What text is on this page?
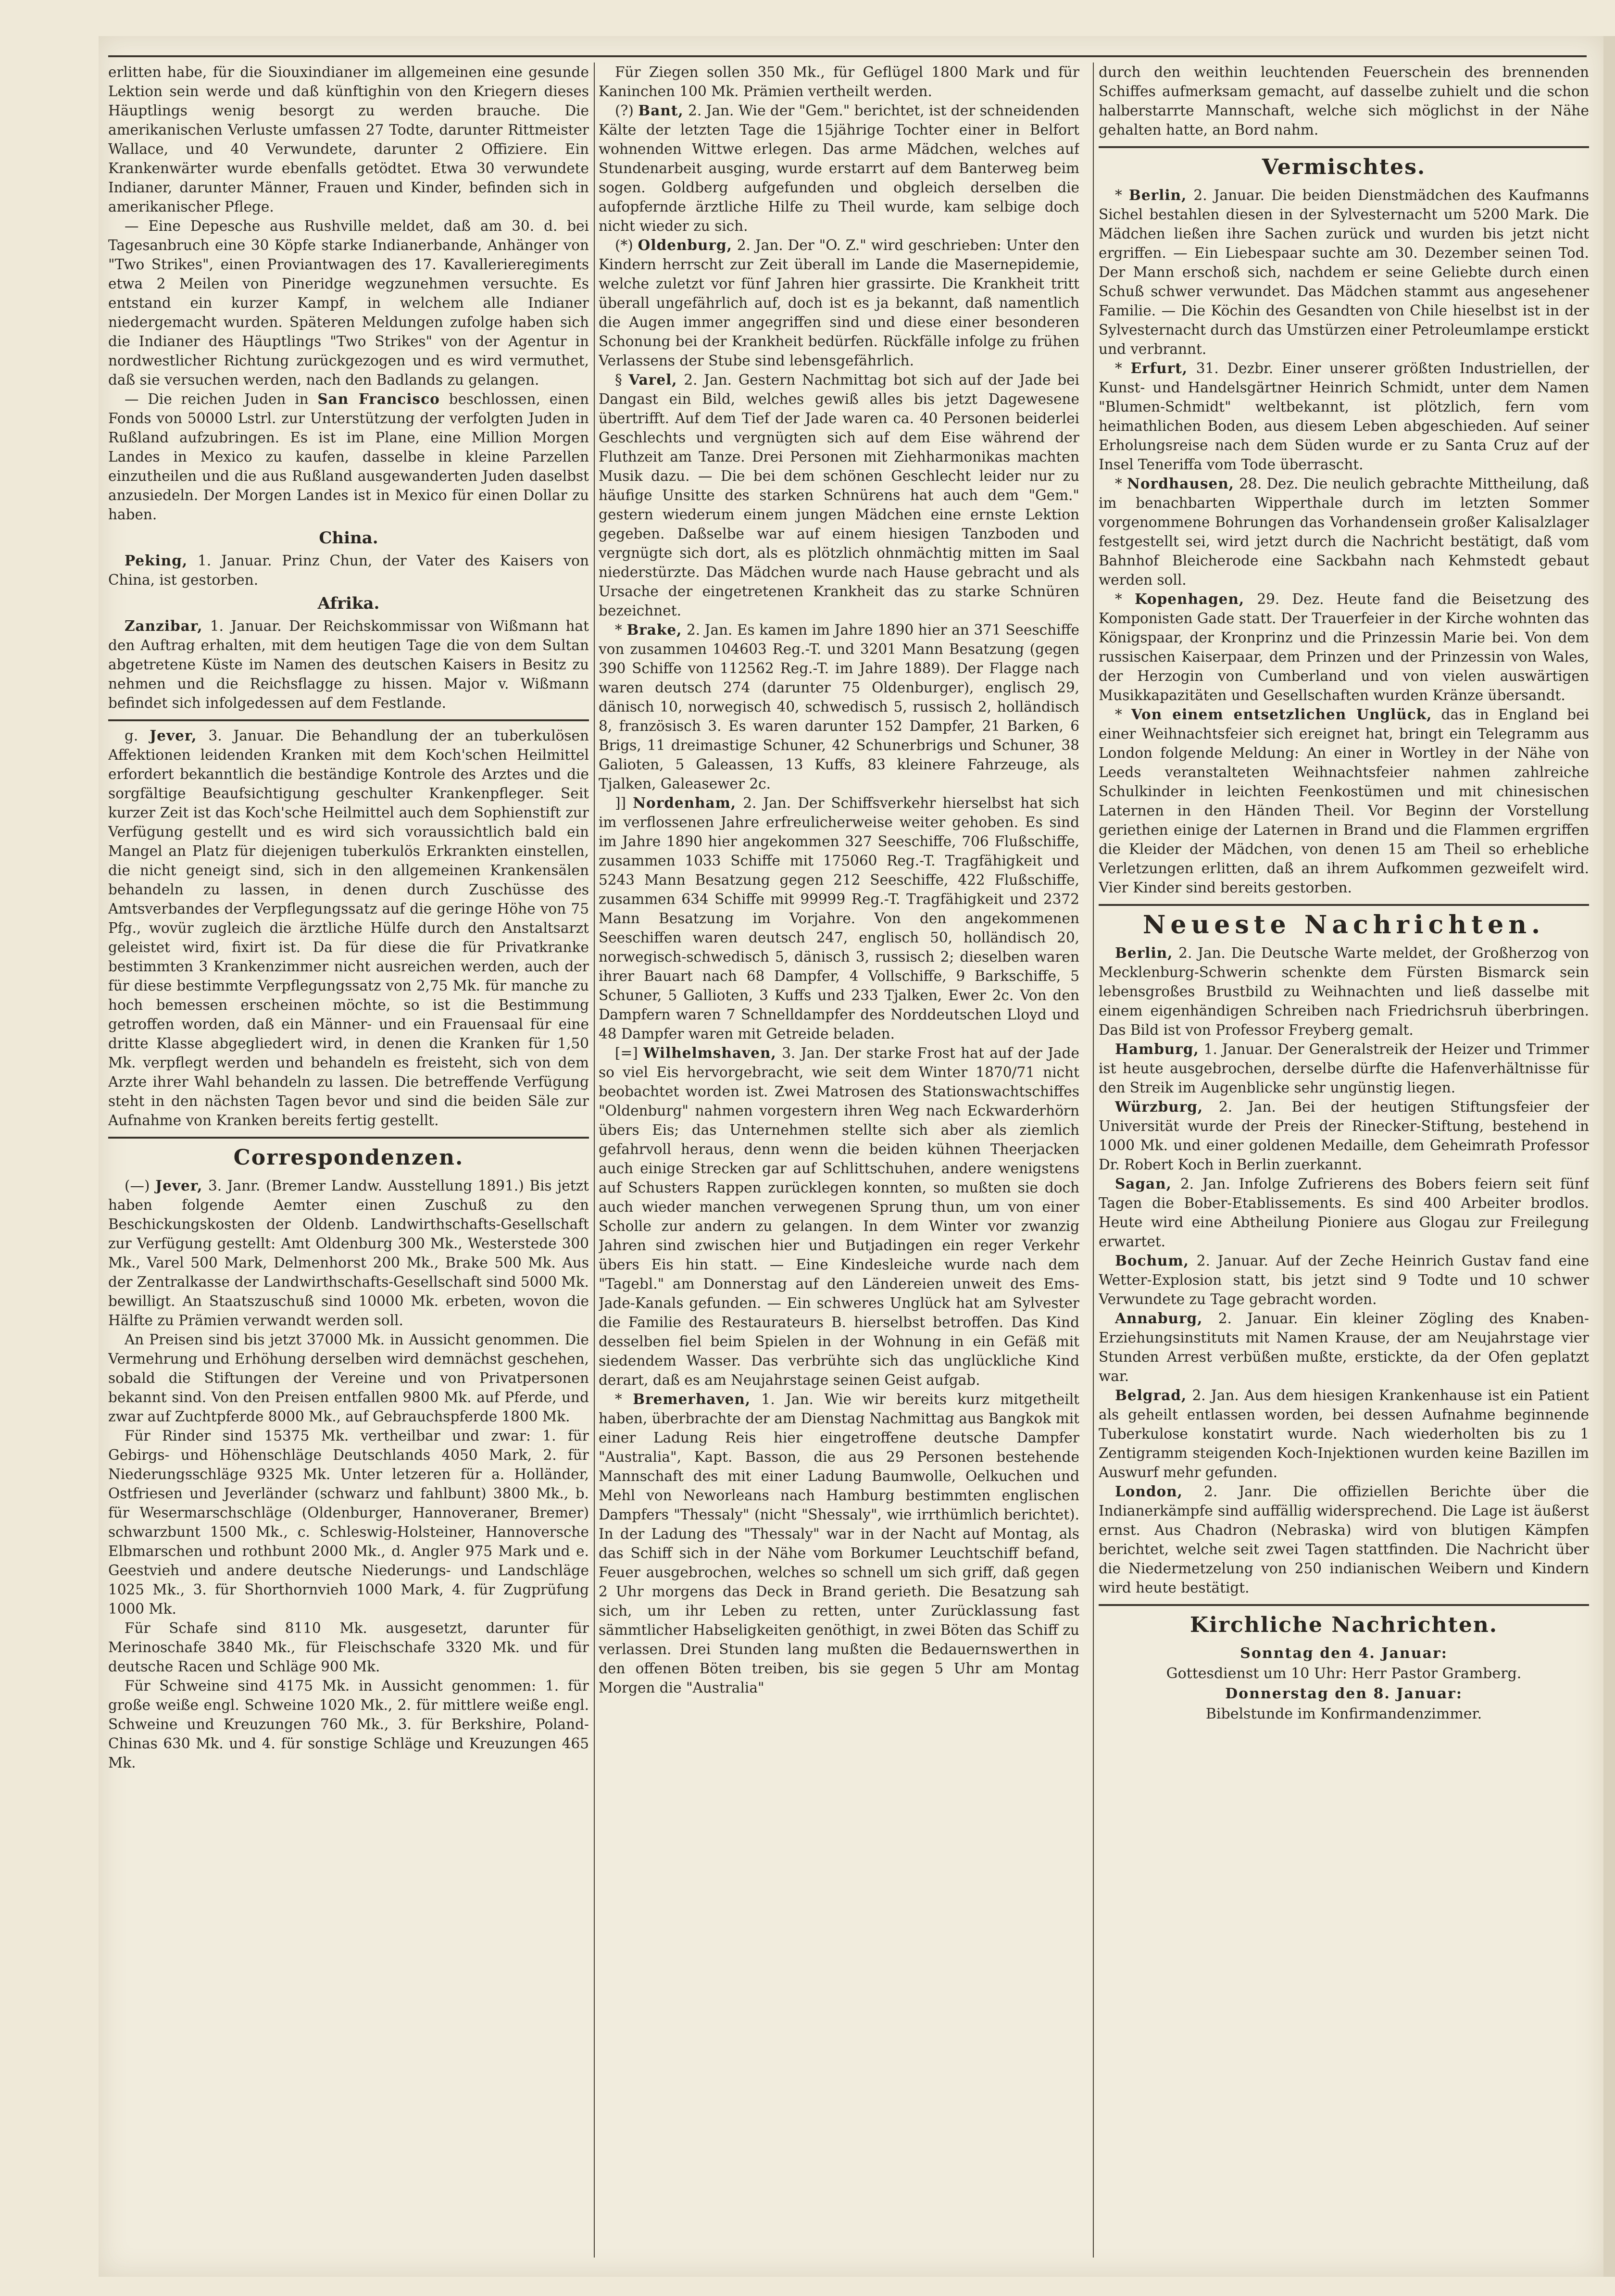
erlitten habe, für die Siouxindianer im allgemeinen eine gesunde Lektion sein werde und daß künftighin von den Kriegern dieses Häuptlings wenig besorgt zu werden brauche. Die amerikanischen Verluste umfassen 27 Todte, darunter Rittmeister Wallace, und 40 Verwundete, darunter 2 Offiziere. Ein Krankenwärter wurde ebenfalls getödtet. Etwa 30 verwundete Indianer, darunter Männer, Frauen und Kinder, befinden sich in amerikanischer Pflege.

— Eine Depesche aus Rushville meldet, daß am 30. d. bei Tagesanbruch eine 30 Köpfe starke Indianerbande, Anhänger von "Two Strikes", einen Proviantwagen des 17. Kavallerieregiments etwa 2 Meilen von Pineridge wegzunehmen versuchte. Es entstand ein kurzer Kampf, in welchem alle Indianer niedergemacht wurden. Späteren Meldungen zufolge haben sich die Indianer des Häuptlings "Two Strikes" von der Agentur in nordwestlicher Richtung zurückgezogen und es wird vermuthet, daß sie versuchen werden, nach den Badlands zu gelangen.

— Die reichen Juden in San Francisco beschlossen, einen Fonds von 50000 Lstrl. zur Unterstützung der verfolgten Juden in Rußland aufzubringen. Es ist im Plane, eine Million Morgen Landes in Mexico zu kaufen, dasselbe in kleine Parzellen einzutheilen und die aus Rußland ausgewanderten Juden daselbst anzusiedeln. Der Morgen Landes ist in Mexico für einen Dollar zu haben.

China.

Peking, 1. Januar. Prinz Chun, der Vater des Kaisers von China, ist gestorben.

Afrika.

Zanzibar, 1. Januar. Der Reichskommissar von Wißmann hat den Auftrag erhalten, mit dem heutigen Tage die von dem Sultan abgetretene Küste im Namen des deutschen Kaisers in Besitz zu nehmen und die Reichsflagge zu hissen. Major v. Wißmann befindet sich infolgedessen auf dem Festlande.

g. Jever, 3. Januar. Die Behandlung der an tuberkulösen Affektionen leidenden Kranken mit dem Koch'schen Heilmittel erfordert bekanntlich die beständige Kontrole des Arztes und die sorgfältige Beaufsichtigung geschulter Krankenpfleger. Seit kurzer Zeit ist das Koch'sche Heilmittel auch dem Sophienstift zur Verfügung gestellt und es wird sich voraussichtlich bald ein Mangel an Platz für diejenigen tuberkulös Erkrankten einstellen, die nicht geneigt sind, sich in den allgemeinen Krankensälen behandeln zu lassen, in denen durch Zuschüsse des Amtsverbandes der Verpflegungssatz auf die geringe Höhe von 75 Pfg., wovür zugleich die ärztliche Hülfe durch den Anstaltsarzt geleistet wird, fixirt ist. Da für diese die für Privatkranke bestimmten 3 Krankenzimmer nicht ausreichen werden, auch der für diese bestimmte Verpflegungssatz von 2,75 Mk. für manche zu hoch bemessen erscheinen möchte, so ist die Bestimmung getroffen worden, daß ein Männer- und ein Frauensaal für eine dritte Klasse abgegliedert wird, in denen die Kranken für 1,50 Mk. verpflegt werden und behandeln es freisteht, sich von dem Arzte ihrer Wahl behandeln zu lassen. Die betreffende Verfügung steht in den nächsten Tagen bevor und sind die beiden Säle zur Aufnahme von Kranken bereits fertig gestellt.

Correspondenzen.

(—) Jever, 3. Janr. (Bremer Landw. Ausstellung 1891.) Bis jetzt haben folgende Aemter einen Zuschuß zu den Beschickungskosten der Oldenb. Landwirthschafts-Gesellschaft zur Verfügung gestellt: Amt Oldenburg 300 Mk., Westerstede 300 Mk., Varel 500 Mark, Delmenhorst 200 Mk., Brake 500 Mk. Aus der Zentralkasse der Landwirthschafts-Gesellschaft sind 5000 Mk. bewilligt. An Staatszuschuß sind 10000 Mk. erbeten, wovon die Hälfte zu Prämien verwandt werden soll.

An Preisen sind bis jetzt 37000 Mk. in Aussicht genommen. Die Vermehrung und Erhöhung derselben wird demnächst geschehen, sobald die Stiftungen der Vereine und von Privatpersonen bekannt sind. Von den Preisen entfallen 9800 Mk. auf Pferde, und zwar auf Zuchtpferde 8000 Mk., auf Gebrauchspferde 1800 Mk.

Für Rinder sind 15375 Mk. vertheilbar und zwar: 1. für Gebirgs- und Höhenschläge Deutschlands 4050 Mark, 2. für Niederungsschläge 9325 Mk. Unter letzeren für a. Holländer, Ostfriesen und Jeverländer (schwarz und fahlbunt) 3800 Mk., b. für Wesermarschschläge (Oldenburger, Hannoveraner, Bremer) schwarzbunt 1500 Mk., c. Schleswig-Holsteiner, Hannoversche Elbmarschen und rothbunt 2000 Mk., d. Angler 975 Mark und e. Geestvieh und andere deutsche Niederungs- und Landschläge 1025 Mk., 3. für Shorthornvieh 1000 Mark, 4. für Zugprüfung 1000 Mk.

Für Schafe sind 8110 Mk. ausgesetzt, darunter für Merinoschafe 3840 Mk., für Fleischschafe 3320 Mk. und für deutsche Racen und Schläge 900 Mk.

Für Schweine sind 4175 Mk. in Aussicht genommen: 1. für große weiße engl. Schweine 1020 Mk., 2. für mittlere weiße engl. Schweine und Kreuzungen 760 Mk., 3. für Berkshire, Poland-Chinas 630 Mk. und 4. für sonstige Schläge und Kreuzungen 465 Mk.

Für Ziegen sollen 350 Mk., für Geflügel 1800 Mark und für Kaninchen 100 Mk. Prämien vertheilt werden.

(?) Bant, 2. Jan. Wie der "Gem." berichtet, ist der schneidenden Kälte der letzten Tage die 15jährige Tochter einer in Belfort wohnenden Wittwe erlegen. Das arme Mädchen, welches auf Stundenarbeit ausging, wurde erstarrt auf dem Banterweg beim sogen. Goldberg aufgefunden und obgleich derselben die aufopfernde ärztliche Hilfe zu Theil wurde, kam selbige doch nicht wieder zu sich.

(*) Oldenburg, 2. Jan. Der "O. Z." wird geschrieben: Unter den Kindern herrscht zur Zeit überall im Lande die Masernepidemie, welche zuletzt vor fünf Jahren hier grassirte. Die Krankheit tritt überall ungefährlich auf, doch ist es ja bekannt, daß namentlich die Augen immer angegriffen sind und diese einer besonderen Schonung bei der Krankheit bedürfen. Rückfälle infolge zu frühen Verlassens der Stube sind lebensgefährlich.

§ Varel, 2. Jan. Gestern Nachmittag bot sich auf der Jade bei Dangast ein Bild, welches gewiß alles bis jetzt Dagewesene übertrifft. Auf dem Tief der Jade waren ca. 40 Personen beiderlei Geschlechts und vergnügten sich auf dem Eise während der Fluthzeit am Tanze. Drei Personen mit Ziehharmonikas machten Musik dazu. — Die bei dem schönen Geschlecht leider nur zu häufige Unsitte des starken Schnürens hat auch dem "Gem." gestern wiederum einem jungen Mädchen eine ernste Lektion gegeben. Daßselbe war auf einem hiesigen Tanzboden und vergnügte sich dort, als es plötzlich ohnmächtig mitten im Saal niederstürzte. Das Mädchen wurde nach Hause gebracht und als Ursache der eingetretenen Krankheit das zu starke Schnüren bezeichnet.

* Brake, 2. Jan. Es kamen im Jahre 1890 hier an 371 Seeschiffe von zusammen 104603 Reg.-T. und 3201 Mann Besatzung (gegen 390 Schiffe von 112562 Reg.-T. im Jahre 1889). Der Flagge nach waren deutsch 274 (darunter 75 Oldenburger), englisch 29, dänisch 10, norwegisch 40, schwedisch 5, russisch 2, holländisch 8, französisch 3. Es waren darunter 152 Dampfer, 21 Barken, 6 Brigs, 11 dreimastige Schuner, 42 Schunerbrigs und Schuner, 38 Galioten, 5 Galeassen, 13 Kuffs, 83 kleinere Fahrzeuge, als Tjalken, Galeasewer 2c.

]] Nordenham, 2. Jan. Der Schiffsverkehr hierselbst hat sich im verflossenen Jahre erfreulicherweise weiter gehoben. Es sind im Jahre 1890 hier angekommen 327 Seeschiffe, 706 Flußschiffe, zusammen 1033 Schiffe mit 175060 Reg.-T. Tragfähigkeit und 5243 Mann Besatzung gegen 212 Seeschiffe, 422 Flußschiffe, zusammen 634 Schiffe mit 99999 Reg.-T. Tragfähigkeit und 2372 Mann Besatzung im Vorjahre. Von den angekommenen Seeschiffen waren deutsch 247, englisch 50, holländisch 20, norwegisch-schwedisch 5, dänisch 3, russisch 2; dieselben waren ihrer Bauart nach 68 Dampfer, 4 Vollschiffe, 9 Barkschiffe, 5 Schuner, 5 Gallioten, 3 Kuffs und 233 Tjalken, Ewer 2c. Von den Dampfern waren 7 Schnelldampfer des Norddeutschen Lloyd und 48 Dampfer waren mit Getreide beladen.

[=] Wilhelmshaven, 3. Jan. Der starke Frost hat auf der Jade so viel Eis hervorgebracht, wie seit dem Winter 1870/71 nicht beobachtet worden ist. Zwei Matrosen des Stationswachtschiffes "Oldenburg" nahmen vorgestern ihren Weg nach Eckwarderhörn übers Eis; das Unternehmen stellte sich aber als ziemlich gefahrvoll heraus, denn wenn die beiden kühnen Theerjacken auch einige Strecken gar auf Schlittschuhen, andere wenigstens auf Schusters Rappen zurücklegen konnten, so mußten sie doch auch wieder manchen verwegenen Sprung thun, um von einer Scholle zur andern zu gelangen. In dem Winter vor zwanzig Jahren sind zwischen hier und Butjadingen ein reger Verkehr übers Eis hin statt. — Eine Kindesleiche wurde nach dem "Tagebl." am Donnerstag auf den Ländereien unweit des Ems-Jade-Kanals gefunden. — Ein schweres Unglück hat am Sylvester die Familie des Restaurateurs B. hierselbst betroffen. Das Kind desselben fiel beim Spielen in der Wohnung in ein Gefäß mit siedendem Wasser. Das verbrühte sich das unglückliche Kind derart, daß es am Neujahrstage seinen Geist aufgab.

* Bremerhaven, 1. Jan. Wie wir bereits kurz mitgetheilt haben, überbrachte der am Dienstag Nachmittag aus Bangkok mit einer Ladung Reis hier eingetroffene deutsche Dampfer "Australia", Kapt. Basson, die aus 29 Personen bestehende Mannschaft des mit einer Ladung Baumwolle, Oelkuchen und Mehl von Neworleans nach Hamburg bestimmten englischen Dampfers "Thessaly" (nicht "Shessaly", wie irrthümlich berichtet). In der Ladung des "Thessaly" war in der Nacht auf Montag, als das Schiff sich in der Nähe vom Borkumer Leuchtschiff befand, Feuer ausgebrochen, welches so schnell um sich griff, daß gegen 2 Uhr morgens das Deck in Brand gerieth. Die Besatzung sah sich, um ihr Leben zu retten, unter Zurücklassung fast sämmtlicher Habseligkeiten genöthigt, in zwei Böten das Schiff zu verlassen. Drei Stunden lang mußten die Bedauernswerthen in den offenen Böten treiben, bis sie gegen 5 Uhr am Montag Morgen die "Australia"

durch den weithin leuchtenden Feuerschein des brennenden Schiffes aufmerksam gemacht, auf dasselbe zuhielt und die schon halberstarrte Mannschaft, welche sich möglichst in der Nähe gehalten hatte, an Bord nahm.

Vermischtes.

* Berlin, 2. Januar. Die beiden Dienstmädchen des Kaufmanns Sichel bestahlen diesen in der Sylvesternacht um 5200 Mark. Die Mädchen ließen ihre Sachen zurück und wurden bis jetzt nicht ergriffen. — Ein Liebespaar suchte am 30. Dezember seinen Tod. Der Mann erschoß sich, nachdem er seine Geliebte durch einen Schuß schwer verwundet. Das Mädchen stammt aus angesehener Familie. — Die Köchin des Gesandten von Chile hieselbst ist in der Sylvesternacht durch das Umstürzen einer Petroleumlampe erstickt und verbrannt.

* Erfurt, 31. Dezbr. Einer unserer größten Industriellen, der Kunst- und Handelsgärtner Heinrich Schmidt, unter dem Namen "Blumen-Schmidt" weltbekannt, ist plötzlich, fern vom heimathlichen Boden, aus diesem Leben abgeschieden. Auf seiner Erholungsreise nach dem Süden wurde er zu Santa Cruz auf der Insel Teneriffa vom Tode überrascht.

* Nordhausen, 28. Dez. Die neulich gebrachte Mittheilung, daß im benachbarten Wipperthale durch im letzten Sommer vorgenommene Bohrungen das Vorhandensein großer Kalisalzlager festgestellt sei, wird jetzt durch die Nachricht bestätigt, daß vom Bahnhof Bleicherode eine Sackbahn nach Kehmstedt gebaut werden soll.

* Kopenhagen, 29. Dez. Heute fand die Beisetzung des Komponisten Gade statt. Der Trauerfeier in der Kirche wohnten das Königspaar, der Kronprinz und die Prinzessin Marie bei. Von dem russischen Kaiserpaar, dem Prinzen und der Prinzessin von Wales, der Herzogin von Cumberland und von vielen auswärtigen Musikkapazitäten und Gesellschaften wurden Kränze übersandt.

* Von einem entsetzlichen Unglück, das in England bei einer Weihnachtsfeier sich ereignet hat, bringt ein Telegramm aus London folgende Meldung: An einer in Wortley in der Nähe von Leeds veranstalteten Weihnachtsfeier nahmen zahlreiche Schulkinder in leichten Feenkostümen und mit chinesischen Laternen in den Händen Theil. Vor Beginn der Vorstellung geriethen einige der Laternen in Brand und die Flammen ergriffen die Kleider der Mädchen, von denen 15 am Theil so erhebliche Verletzungen erlitten, daß an ihrem Aufkommen gezweifelt wird. Vier Kinder sind bereits gestorben.

Neueste Nachrichten.

Berlin, 2. Jan. Die Deutsche Warte meldet, der Großherzog von Mecklenburg-Schwerin schenkte dem Fürsten Bismarck sein lebensgroßes Brustbild zu Weihnachten und ließ dasselbe mit einem eigenhändigen Schreiben nach Friedrichsruh überbringen. Das Bild ist von Professor Freyberg gemalt.

Hamburg, 1. Januar. Der Generalstreik der Heizer und Trimmer ist heute ausgebrochen, derselbe dürfte die Hafenverhältnisse für den Streik im Augenblicke sehr ungünstig liegen.

Würzburg, 2. Jan. Bei der heutigen Stiftungsfeier der Universität wurde der Preis der Rinecker-Stiftung, bestehend in 1000 Mk. und einer goldenen Medaille, dem Geheimrath Professor Dr. Robert Koch in Berlin zuerkannt.

Sagan, 2. Jan. Infolge Zufrierens des Bobers feiern seit fünf Tagen die Bober-Etablissements. Es sind 400 Arbeiter brodlos. Heute wird eine Abtheilung Pioniere aus Glogau zur Freilegung erwartet.

Bochum, 2. Januar. Auf der Zeche Heinrich Gustav fand eine Wetter-Explosion statt, bis jetzt sind 9 Todte und 10 schwer Verwundete zu Tage gebracht worden.

Annaburg, 2. Januar. Ein kleiner Zögling des Knaben-Erziehungsinstituts mit Namen Krause, der am Neujahrstage vier Stunden Arrest verbüßen mußte, erstickte, da der Ofen geplatzt war.

Belgrad, 2. Jan. Aus dem hiesigen Krankenhause ist ein Patient als geheilt entlassen worden, bei dessen Aufnahme beginnende Tuberkulose konstatirt wurde. Nach wiederholten bis zu 1 Zentigramm steigenden Koch-Injektionen wurden keine Bazillen im Auswurf mehr gefunden.

London, 2. Janr. Die offiziellen Berichte über die Indianerkämpfe sind auffällig widersprechend. Die Lage ist äußerst ernst. Aus Chadron (Nebraska) wird von blutigen Kämpfen berichtet, welche seit zwei Tagen stattfinden. Die Nachricht über die Niedermetzelung von 250 indianischen Weibern und Kindern wird heute bestätigt.

Kirchliche Nachrichten.
Sonntag den 4. Januar:
Gottesdienst um 10 Uhr: Herr Pastor Gramberg.
Donnerstag den 8. Januar:
Bibelstunde im Konfirmandenzimmer.
